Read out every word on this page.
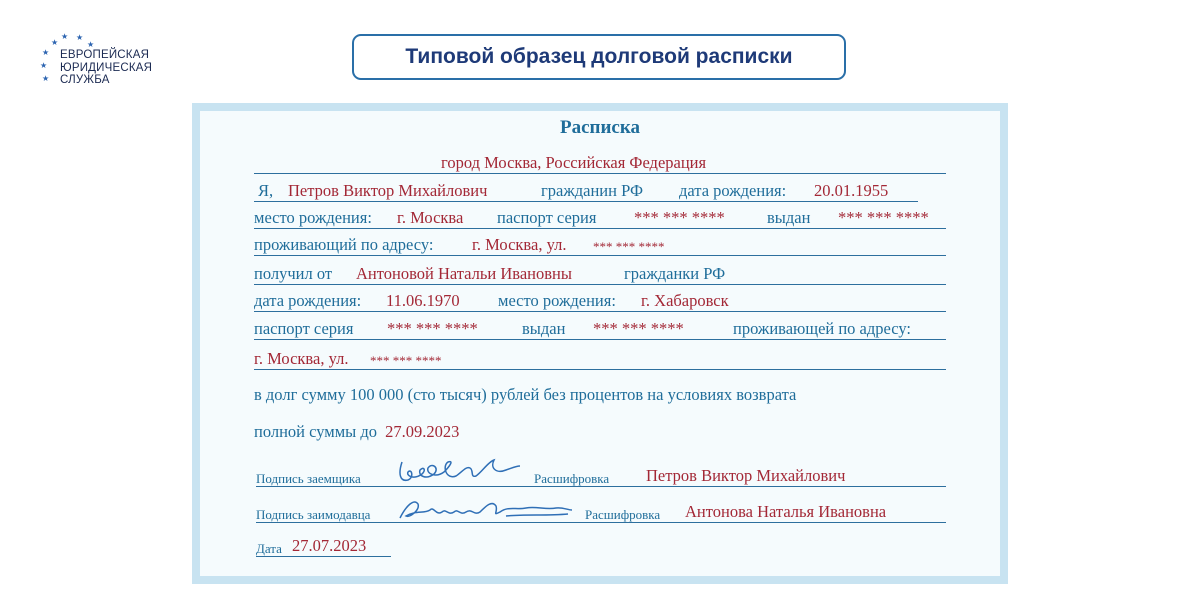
★ ★
★	★
★
★
★
ЕВРОПЕЙСКАЯ
ЮРИДИЧЕСКАЯ
СЛУЖБА
Типовой образец долговой расписки
Расписка
город Москва, Российская Федерация
Я, Петров Виктор Михайлович	гражданин РФ дата рождения: 20.01.1955
место рождения: г. Москва паспорт серия *** *** ****	выдан *** *** ****
проживающий по адресу: г. Москва, ул. *** *** ****
получил от Антоновой Натальи Ивановны	гражданки РФ
дата рождения: 11.06.1970 место рождения: г. Хабаровск
паспорт серия *** *** ****	выдан *** *** ****	проживающей по адресу:
г. Москва, ул. *** *** ****
в долг сумму 100 000 (сто тысяч) рублей без процентов на условиях возврата
полной суммы до 27.09.2023
Подпись заемщика	Расшифровка Петров Виктор Михайлович
Подпись заимодавца	Расшифровка Антонова Наталья Ивановна
Дата 27.07.2023
